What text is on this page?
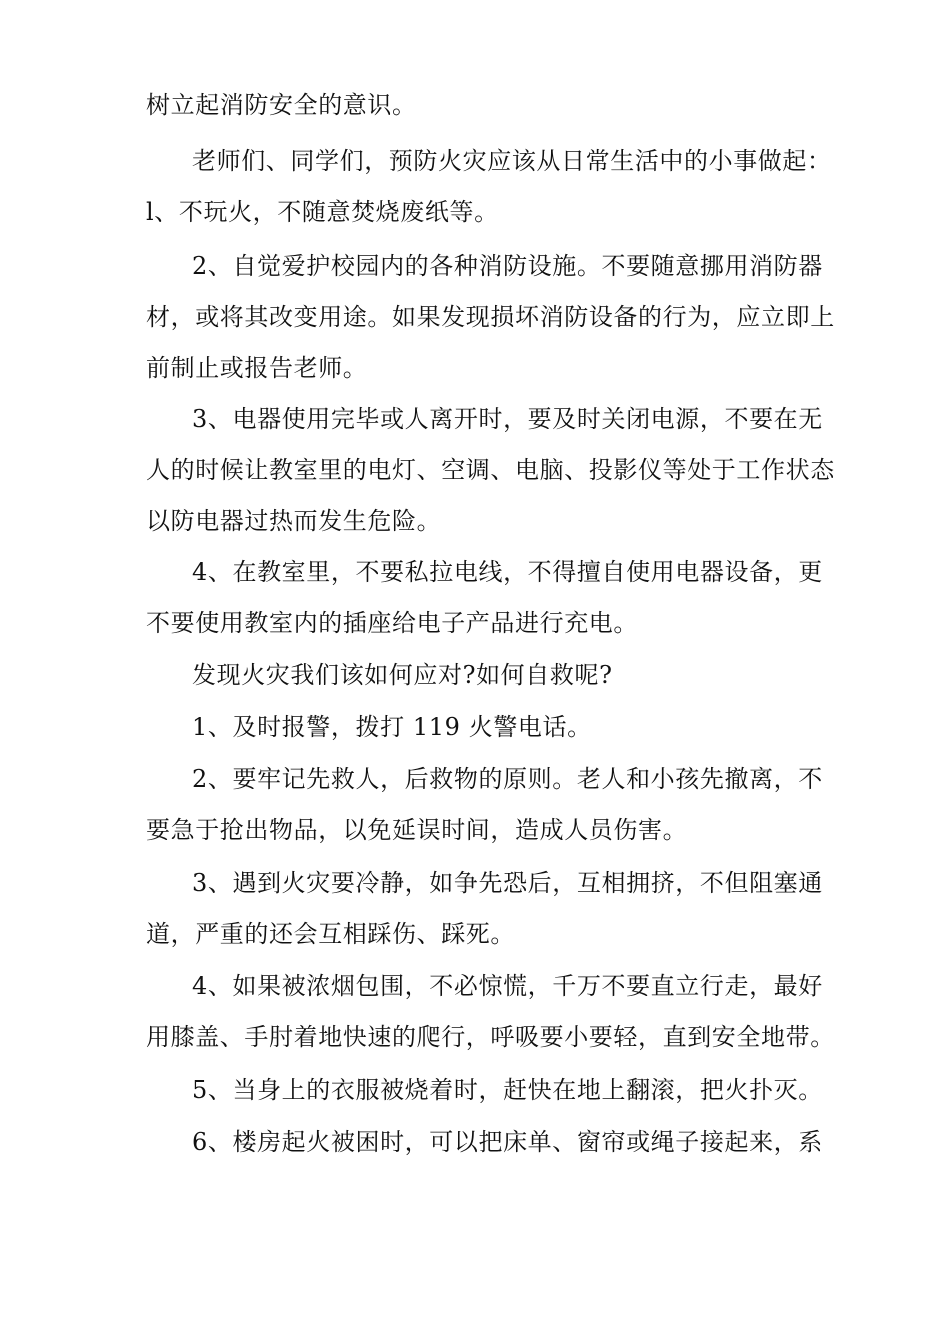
树立起消防安全的意识。
老师们、同学们，预防火灾应该从日常生活中的小事做起：
l、不玩火，不随意焚烧废纸等。
2、自觉爱护校园内的各种消防设施。不要随意挪用消防器
材，或将其改变用途。如果发现损坏消防设备的行为，应立即上
前制止或报告老师。
3、电器使用完毕或人离开时，要及时关闭电源，不要在无
人的时候让教室里的电灯、空调、电脑、投影仪等处于工作状态
以防电器过热而发生危险。
4、在教室里，不要私拉电线，不得擅自使用电器设备，更
不要使用教室内的插座给电子产品进行充电。
发现火灾我们该如何应对?如何自救呢?
1、及时报警，拨打 119 火警电话。
2、要牢记先救人，后救物的原则。老人和小孩先撤离，不
要急于抢出物品，以免延误时间，造成人员伤害。
3、遇到火灾要冷静，如争先恐后，互相拥挤，不但阻塞通
道，严重的还会互相踩伤、踩死。
4、如果被浓烟包围，不必惊慌，千万不要直立行走，最好
用膝盖、手肘着地快速的爬行，呼吸要小要轻，直到安全地带。
5、当身上的衣服被烧着时，赶快在地上翻滚，把火扑灭。
6、楼房起火被困时，可以把床单、窗帘或绳子接起来，系
